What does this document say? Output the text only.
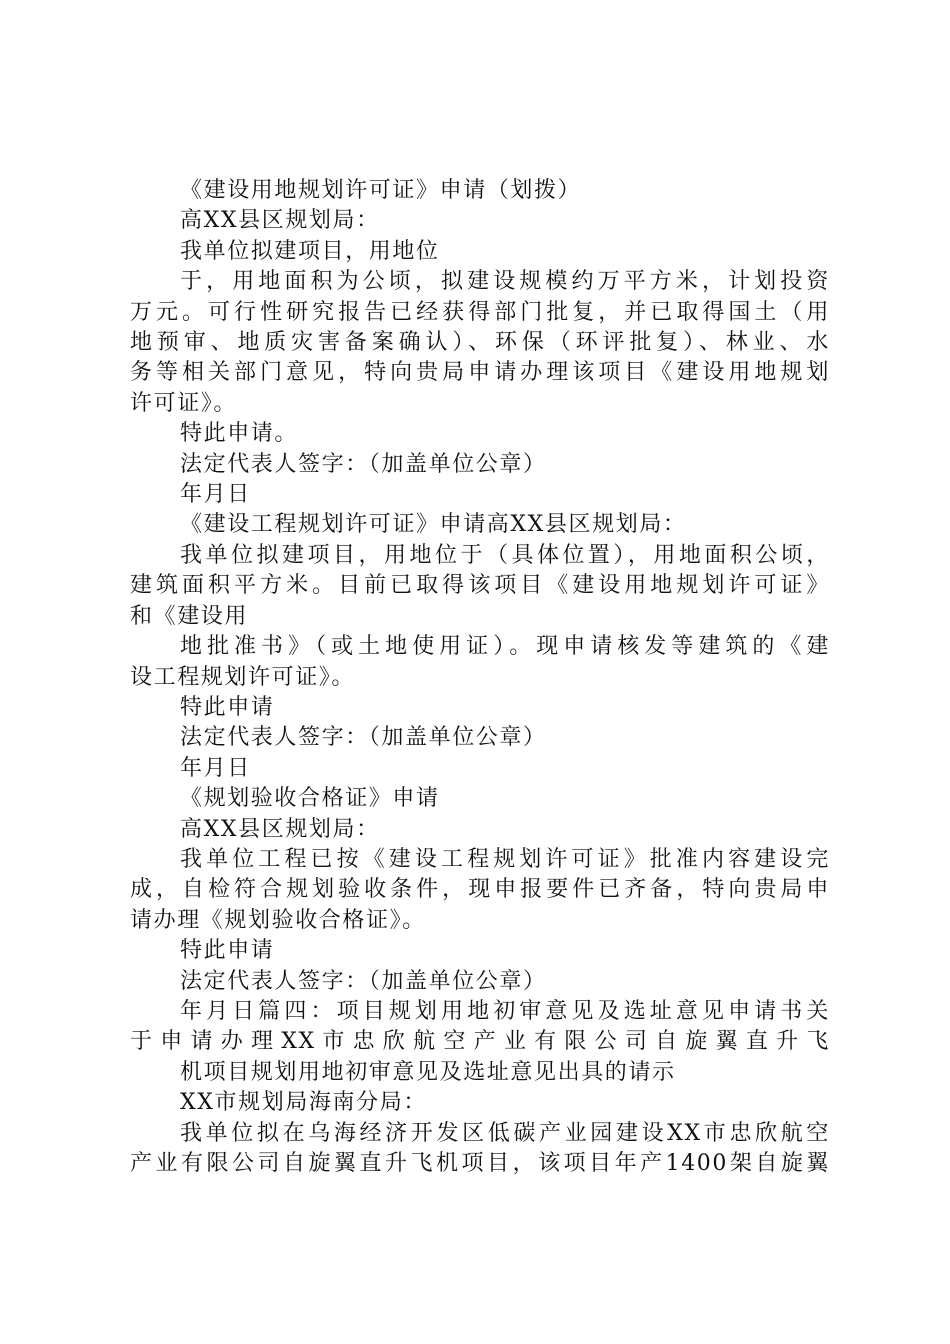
《建设用地规划许可证》申请（划拨）

高XX县区规划局：

我单位拟建项目，用地位

于，用地面积为公顷，拟建设规模约万平方米，计划投资

万元。可行性研究报告已经获得部门批复，并已取得国土（用

地预审、地质灾害备案确认）、环保（环评批复）、林业、水

务等相关部门意见，特向贵局申请办理该项目《建设用地规划

许可证》。

特此申请。

法定代表人签字：（加盖单位公章）

年月日

《建设工程规划许可证》申请高XX县区规划局：

我单位拟建项目，用地位于（具体位置），用地面积公顷，

建筑面积平方米。目前已取得该项目《建设用地规划许可证》

和《建设用

地批准书》（或土地使用证）。现申请核发等建筑的《建

设工程规划许可证》。

特此申请

法定代表人签字：（加盖单位公章）

年月日

《规划验收合格证》申请

高XX县区规划局：

我单位工程已按《建设工程规划许可证》批准内容建设完

成，自检符合规划验收条件，现申报要件已齐备，特向贵局申

请办理《规划验收合格证》。

特此申请

法定代表人签字：（加盖单位公章）

年月日篇四：项目规划用地初审意见及选址意见申请书关

于申请办理XX市忠欣航空产业有限公司自旋翼直升飞

机项目规划用地初审意见及选址意见出具的请示

XX市规划局海南分局：

我单位拟在乌海经济开发区低碳产业园建设XX市忠欣航空

产业有限公司自旋翼直升飞机项目，该项目年产1400架自旋翼
